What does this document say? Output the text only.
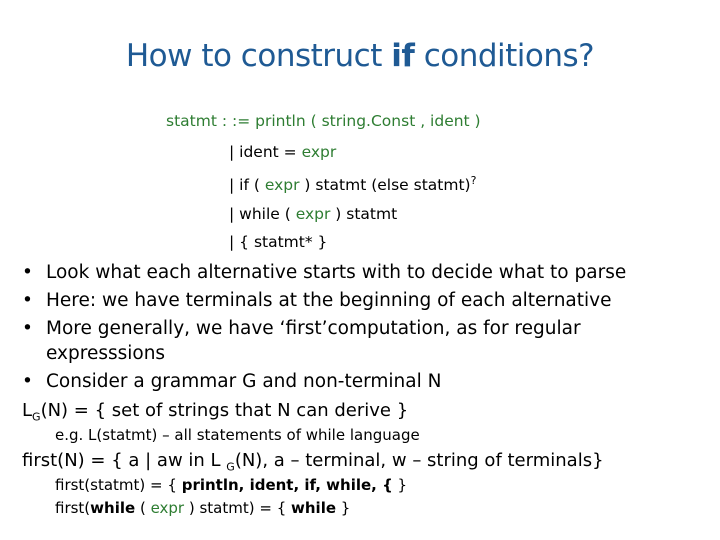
How to construct if conditions?
statmt : := println ( string.Const , ident )
| ident = expr
| if ( expr ) statmt (else statmt)?
| while ( expr ) statmt
| { statmt* }
• Look what each alternative starts with to decide what to parse
• Here: we have terminals at the beginning of each alternative
• More generally, we have ‘first’computation, as for regular
expresssions
• Consider a grammar G and non-terminal N
$L_G(N)$ = { set of strings that N can derive }
e.g. L(statmt) – all statements of while language
first(N) = { a | aw in L $_G$(N), a – terminal, w – string of terminals}
first(statmt) = { println, ident, if, while, { }
first(while ( expr ) statmt) = { while }
